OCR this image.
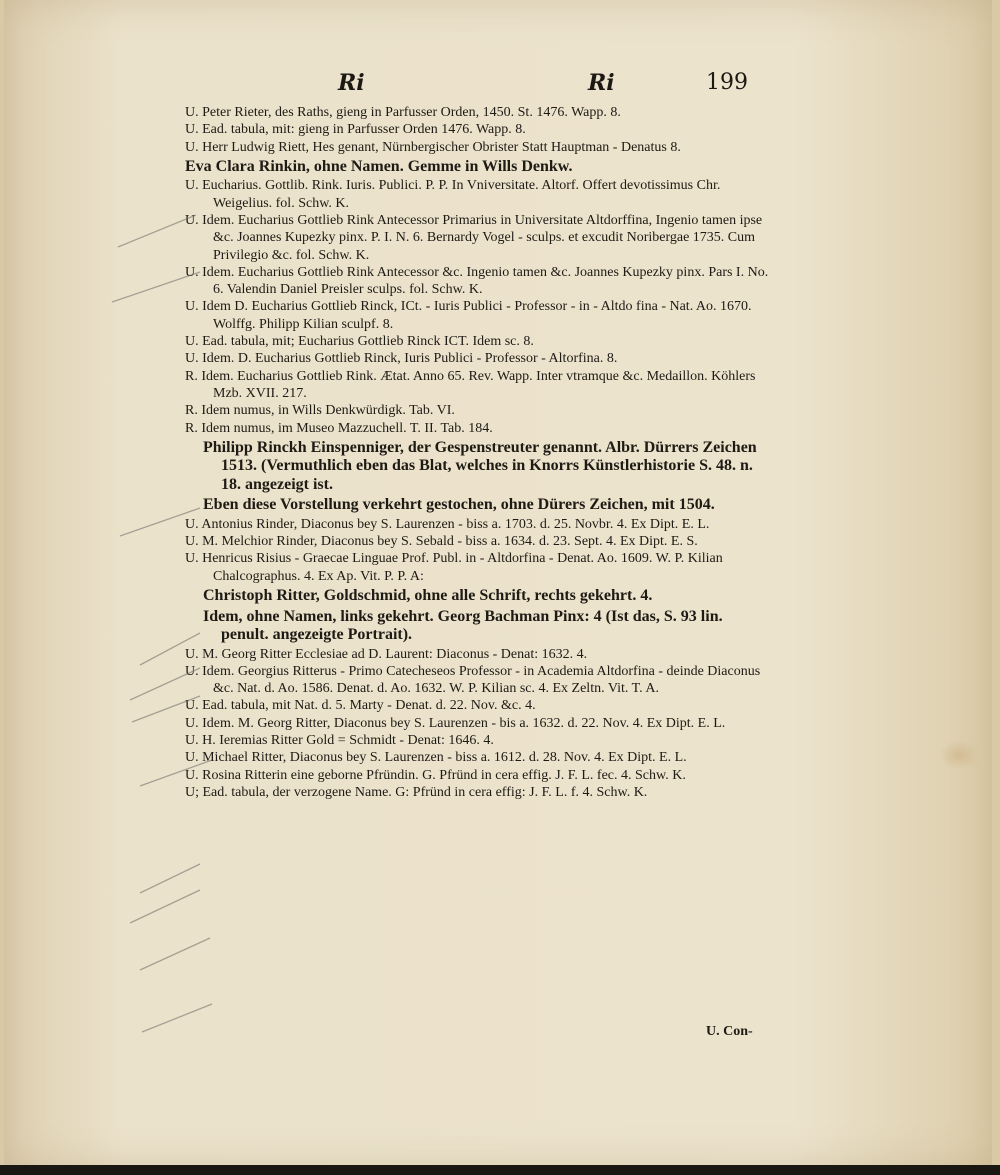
Ri	Ri	199
U. Peter Rieter, des Raths, gieng in Parfusser Orden, 1450. St. 1476. Wapp. 8.
U. Ead. tabula, mit: gieng in Parfusser Orden 1476. Wapp. 8.
U. Herr Ludwig Riett, Hes genant, Nürnbergischer Obrister Statt Hauptman - Denatus 8.
Eva Clara Rinkin, ohne Namen. Gemme in Wills Denkw.
U. Eucharius. Gottlib. Rink. Iuris. Publici. P. P. In Vniversitate. Altorf. Offert devotissimus Chr. Weigelius. fol. Schw. K.
U. Idem. Eucharius Gottlieb Rink Antecessor Primarius in Universitate Altdorffina, Ingenio tamen ipse &c. Joannes Kupezky pinx. P. I. N. 6. Bernardy Vogel - sculps. et excudit Noribergae 1735. Cum Privilegio &c. fol. Schw. K.
U. Idem. Eucharius Gottlieb Rink Antecessor &c. Ingenio tamen &c. Joannes Kupezky pinx. Pars I. No. 6. Valendin Daniel Preisler sculps. fol. Schw. K.
U. Idem D. Eucharius Gottlieb Rinck, ICt. - Iuris Publici - Professor - in - Altdo fina - Nat. Ao. 1670. Wolffg. Philipp Kilian sculpf. 8.
U. Ead. tabula, mit; Eucharius Gottlieb Rinck ICT. Idem sc. 8.
U. Idem. D. Eucharius Gottlieb Rinck, Iuris Publici - Professor - Altorfina. 8.
R. Idem. Eucharius Gottlieb Rink. Ætat. Anno 65. Rev. Wapp. Inter vtramque &c. Medaillon. Köhlers Mzb. XVII. 217.
R. Idem numus, in Wills Denkwürdigk. Tab. VI.
R. Idem numus, im Museo Mazzuchell. T. II. Tab. 184.
Philipp Rinckh Einspenniger, der Gespenstreuter genannt. Albr. Dürrers Zeichen 1513. (Vermuthlich eben das Blat, welches in Knorrs Künstlerhistorie S. 48. n. 18. angezeigt ist.
Eben diese Vorstellung verkehrt gestochen, ohne Dürers Zeichen, mit 1504.
U. Antonius Rinder, Diaconus bey S. Laurenzen - biss a. 1703. d. 25. Novbr. 4. Ex Dipt. E. L.
U. M. Melchior Rinder, Diaconus bey S. Sebald - biss a. 1634. d. 23. Sept. 4. Ex Dipt. E. S.
U. Henricus Risius - Graecae Linguae Prof. Publ. in - Altdorfina - Denat. Ao. 1609. W. P. Kilian Chalcographus. 4. Ex Ap. Vit. P. P. A:
Christoph Ritter, Goldschmid, ohne alle Schrift, rechts gekehrt. 4.
Idem, ohne Namen, links gekehrt. Georg Bachman Pinx: 4 (Ist das, S. 93 lin. penult. angezeigte Portrait).
U. M. Georg Ritter Ecclesiae ad D. Laurent: Diaconus - Denat: 1632. 4.
U. Idem. Georgius Ritterus - Primo Catecheseos Professor - in Academia Altdorfina - deinde Diaconus &c. Nat. d. Ao. 1586. Denat. d. Ao. 1632. W. P. Kilian sc. 4. Ex Zeltn. Vit. T. A.
U. Ead. tabula, mit Nat. d. 5. Marty - Denat. d. 22. Nov. &c. 4.
U. Idem. M. Georg Ritter, Diaconus bey S. Laurenzen - bis a. 1632. d. 22. Nov. 4. Ex Dipt. E. L.
U. H. Ieremias Ritter Gold = Schmidt - Denat: 1646. 4.
U. Michael Ritter, Diaconus bey S. Laurenzen - biss a. 1612. d. 28. Nov. 4. Ex Dipt. E. L.
U. Rosina Ritterin eine geborne Pfründin. G. Pfründ in cera effig. J. F. L. fec. 4. Schw. K.
U; Ead. tabula, der verzogene Name. G: Pfründ in cera effig: J. F. L. f. 4. Schw. K.
U. Con-
